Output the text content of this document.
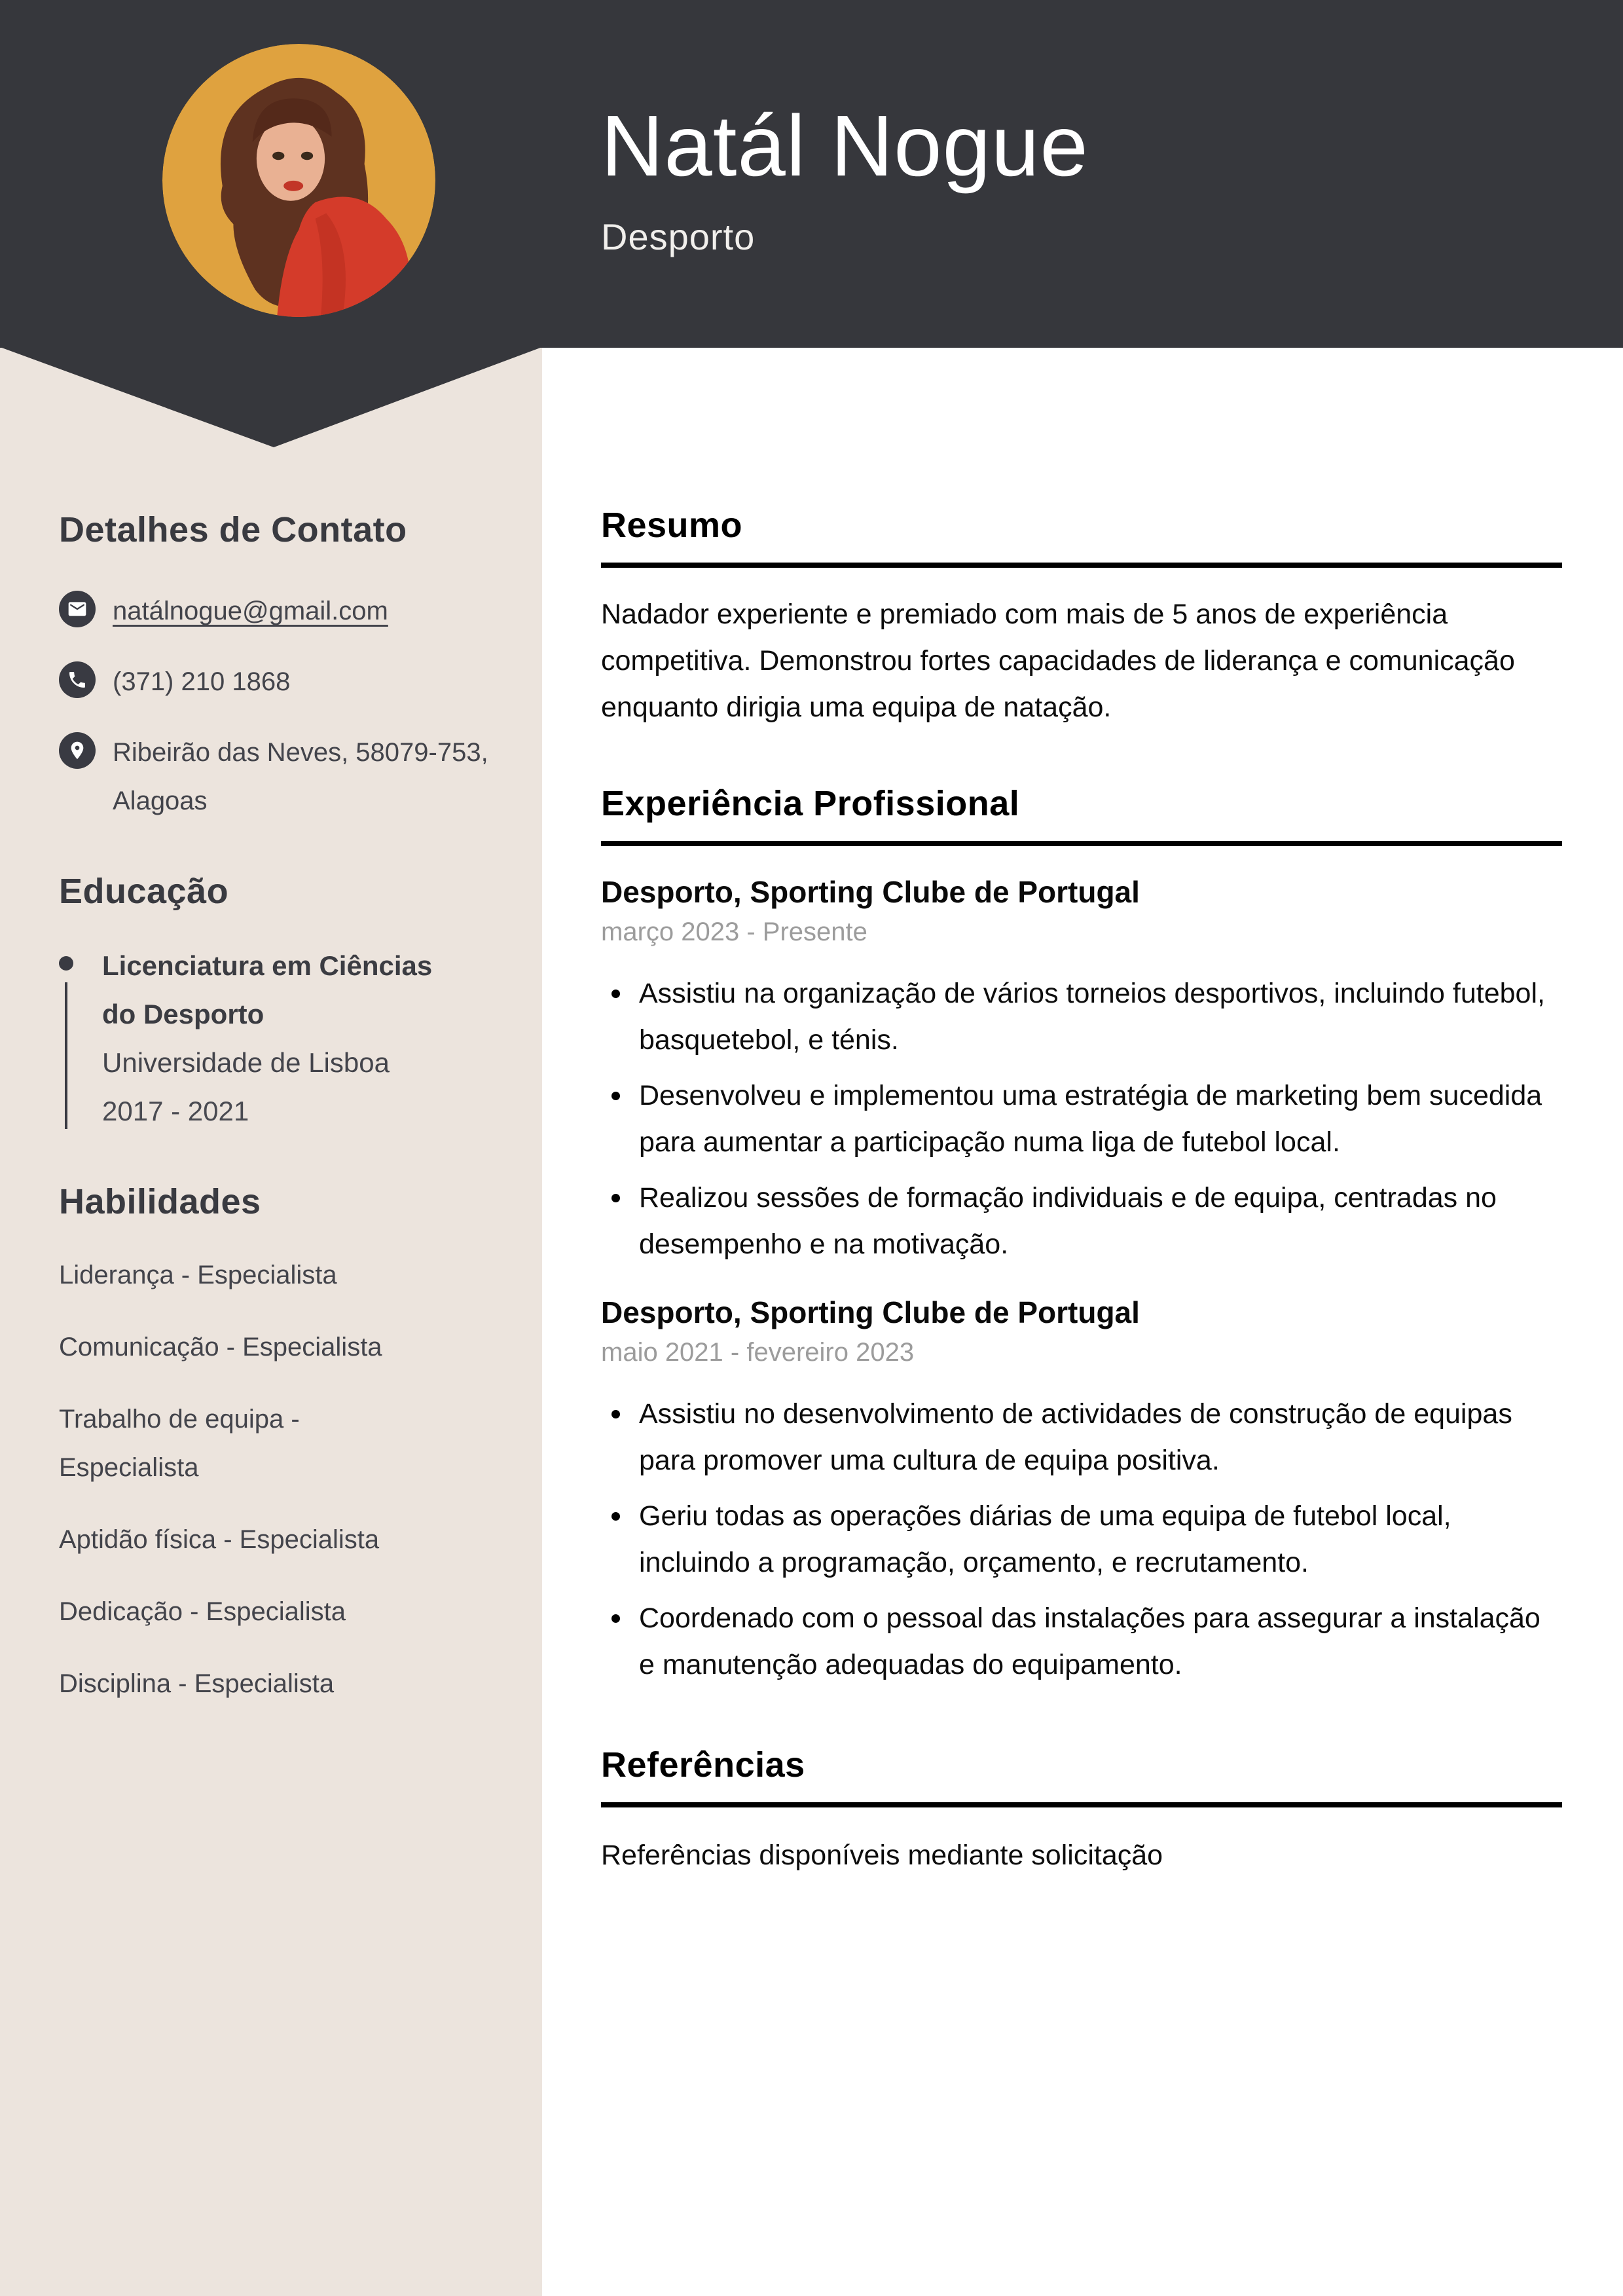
Natál Nogue
Desporto
Detalhes de Contato
natálnogue@gmail.com
(371) 210 1868
Ribeirão das Neves, 58079-753, Alagoas
Educação
Licenciatura em Ciências do Desporto
Universidade de Lisboa
2017 - 2021
Habilidades
Liderança - Especialista
Comunicação - Especialista
Trabalho de equipa - Especialista
Aptidão física - Especialista
Dedicação - Especialista
Disciplina - Especialista
Resumo

Nadador experiente e premiado com mais de 5 anos de experiência competitiva. Demonstrou fortes capacidades de liderança e comunicação enquanto dirigia uma equipa de natação.

Experiência Profissional
Desporto, Sporting Clube de Portugal
março 2023 - Presente
Assistiu na organização de vários torneios desportivos, incluindo futebol, basquetebol, e ténis.
Desenvolveu e implementou uma estratégia de marketing bem sucedida para aumentar a participação numa liga de futebol local.
Realizou sessões de formação individuais e de equipa, centradas no desempenho e na motivação.
Desporto, Sporting Clube de Portugal
maio 2021 - fevereiro 2023
Assistiu no desenvolvimento de actividades de construção de equipas para promover uma cultura de equipa positiva.
Geriu todas as operações diárias de uma equipa de futebol local, incluindo a programação, orçamento, e recrutamento.
Coordenado com o pessoal das instalações para assegurar a instalação e manutenção adequadas do equipamento.
Referências

Referências disponíveis mediante solicitação
